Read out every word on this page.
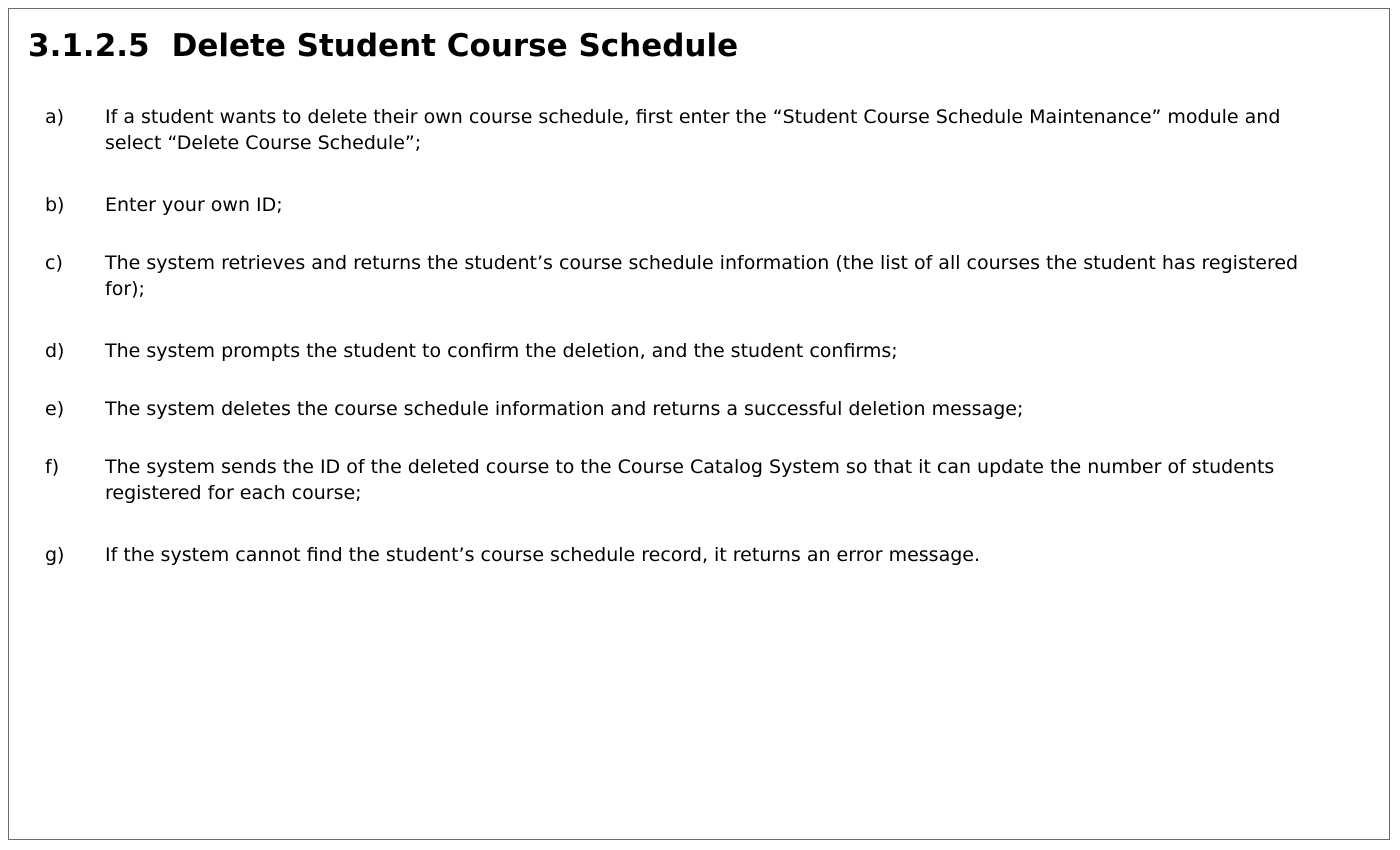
3.1.2.5 Delete Student Course Schedule
a)	If a student wants to delete their own course schedule, first enter the “Student Course Schedule Maintenance” module and select “Delete Course Schedule”;
b)	Enter your own ID;
c)	The system retrieves and returns the student’s course schedule information (the list of all courses the student has registered for);
d)	The system prompts the student to confirm the deletion, and the student confirms;
e)	The system deletes the course schedule information and returns a successful deletion message;
f)	The system sends the ID of the deleted course to the Course Catalog System so that it can update the number of students registered for each course;
g)	If the system cannot find the student’s course schedule record, it returns an error message.
